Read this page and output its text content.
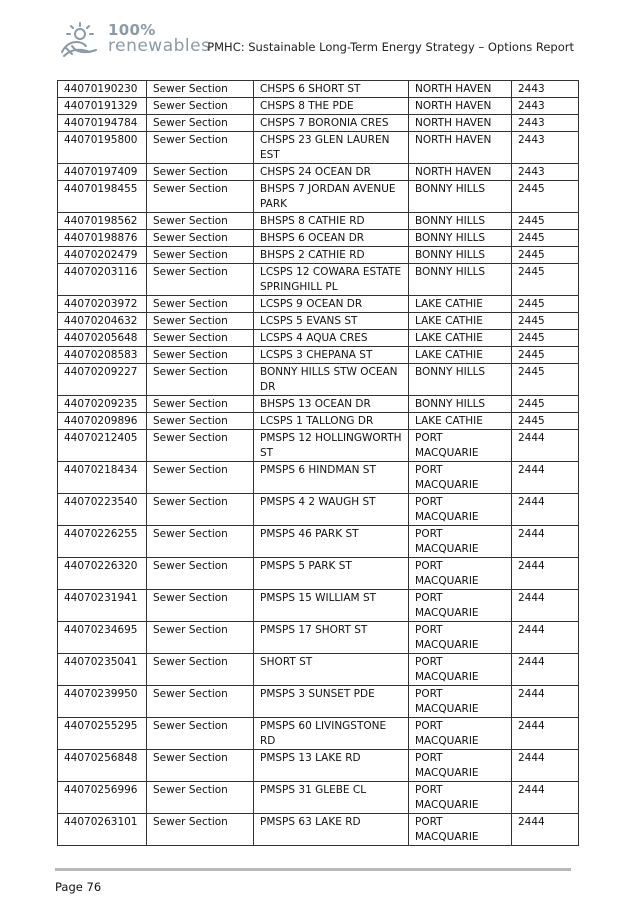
100%
renewables
PMHC: Sustainable Long-Term Energy Strategy – Options Report
44070190230	Sewer Section	CHSPS 6 SHORT ST	NORTH HAVEN	2443
44070191329	Sewer Section	CHSPS 8 THE PDE	NORTH HAVEN	2443
44070194784	Sewer Section	CHSPS 7 BORONIA CRES	NORTH HAVEN	2443
44070195800	Sewer Section	CHSPS 23 GLEN LAUREN EST	NORTH HAVEN	2443
44070197409	Sewer Section	CHSPS 24 OCEAN DR	NORTH HAVEN	2443
44070198455	Sewer Section	BHSPS 7 JORDAN AVENUE PARK	BONNY HILLS	2445
44070198562	Sewer Section	BHSPS 8 CATHIE RD	BONNY HILLS	2445
44070198876	Sewer Section	BHSPS 6 OCEAN DR	BONNY HILLS	2445
44070202479	Sewer Section	BHSPS 2 CATHIE RD	BONNY HILLS	2445
44070203116	Sewer Section	LCSPS 12 COWARA ESTATE SPRINGHILL PL	BONNY HILLS	2445
44070203972	Sewer Section	LCSPS 9 OCEAN DR	LAKE CATHIE	2445
44070204632	Sewer Section	LCSPS 5 EVANS ST	LAKE CATHIE	2445
44070205648	Sewer Section	LCSPS 4 AQUA CRES	LAKE CATHIE	2445
44070208583	Sewer Section	LCSPS 3 CHEPANA ST	LAKE CATHIE	2445
44070209227	Sewer Section	BONNY HILLS STW OCEAN DR	BONNY HILLS	2445
44070209235	Sewer Section	BHSPS 13 OCEAN DR	BONNY HILLS	2445
44070209896	Sewer Section	LCSPS 1 TALLONG DR	LAKE CATHIE	2445
44070212405	Sewer Section	PMSPS 12 HOLLINGWORTH ST	PORT MACQUARIE	2444
44070218434	Sewer Section	PMSPS 6 HINDMAN ST	PORT MACQUARIE	2444
44070223540	Sewer Section	PMSPS 4 2 WAUGH ST	PORT MACQUARIE	2444
44070226255	Sewer Section	PMSPS 46 PARK ST	PORT MACQUARIE	2444
44070226320	Sewer Section	PMSPS 5 PARK ST	PORT MACQUARIE	2444
44070231941	Sewer Section	PMSPS 15 WILLIAM ST	PORT MACQUARIE	2444
44070234695	Sewer Section	PMSPS 17 SHORT ST	PORT MACQUARIE	2444
44070235041	Sewer Section	SHORT ST	PORT MACQUARIE	2444
44070239950	Sewer Section	PMSPS 3 SUNSET PDE	PORT MACQUARIE	2444
44070255295	Sewer Section	PMSPS 60 LIVINGSTONE RD	PORT MACQUARIE	2444
44070256848	Sewer Section	PMSPS 13 LAKE RD	PORT MACQUARIE	2444
44070256996	Sewer Section	PMSPS 31 GLEBE CL	PORT MACQUARIE	2444
44070263101	Sewer Section	PMSPS 63 LAKE RD	PORT MACQUARIE	2444
Page 76
